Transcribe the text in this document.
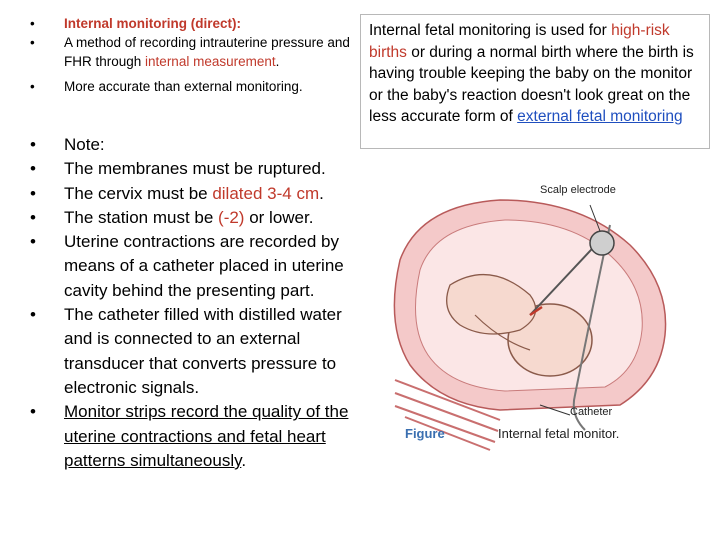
• Internal monitoring (direct):
• A method of recording intrauterine pressure and FHR through internal measurement.
• More accurate than external monitoring.
• Note:
• The membranes must be ruptured.
• The cervix must be dilated 3-4 cm.
• The station must be (-2) or lower.
• Uterine contractions are recorded by means of a catheter placed in uterine cavity behind the presenting part.
• The catheter filled with distilled water and is connected to an external transducer that converts pressure to electronic signals.
• Monitor strips record the quality of the uterine contractions and fetal heart patterns simultaneously.
Internal fetal monitoring is used for high-risk births or during a normal birth where the birth is having trouble keeping the baby on the monitor or the baby's reaction doesn't look great on the less accurate form of external fetal monitoring
Scalp electrode
Catheter
Figure	Internal fetal monitor.
